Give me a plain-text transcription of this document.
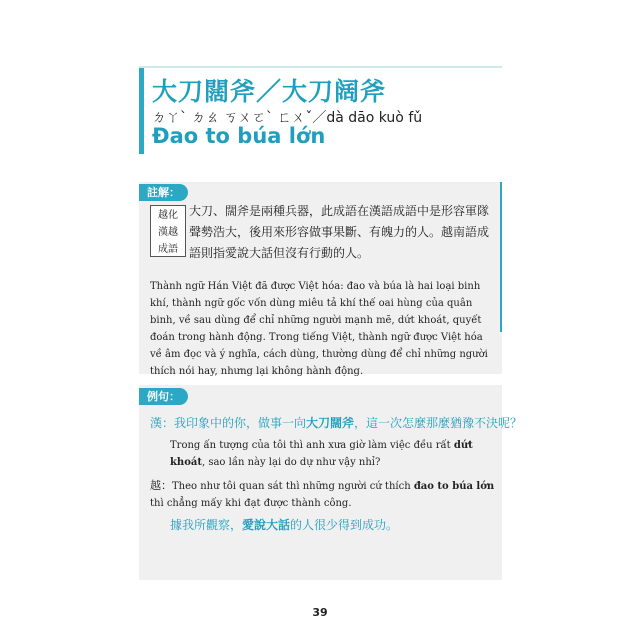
大刀闊斧／大刀阔斧
ㄉㄚˋ ㄉㄠ ㄎㄨㄛˋ ㄈㄨˇ／dà dāo kuò fǔ
Đao to búa lớn
註解：
越化
漢越
成語
大刀、闊斧是兩種兵器，此成語在漢語成語中是形容軍隊聲勢浩大，後用來形容做事果斷、有魄力的人。越南語成語則指愛說大話但沒有行動的人。
Thành ngữ Hán Việt đã được Việt hóa: đao và búa là hai loại binh khí, thành ngữ gốc vốn dùng miêu tả khí thế oai hùng của quân binh, về sau dùng để chỉ những người mạnh mẽ, dứt khoát, quyết đoán trong hành động. Trong tiếng Việt, thành ngữ được Việt hóa về âm đọc và ý nghĩa, cách dùng, thường dùng để chỉ những người thích nói hay, nhưng lại không hành động.
例句：
漢：我印象中的你，做事一向大刀闊斧，這一次怎麼那麼猶豫不決呢？
Trong ấn tượng của tôi thì anh xưa giờ làm việc đều rất dứt khoát, sao lần này lại do dự như vậy nhỉ?
越：Theo như tôi quan sát thì những người cứ thích đao to búa lớn thì chẳng mấy khi đạt được thành công.
據我所觀察，愛說大話的人很少得到成功。
39
